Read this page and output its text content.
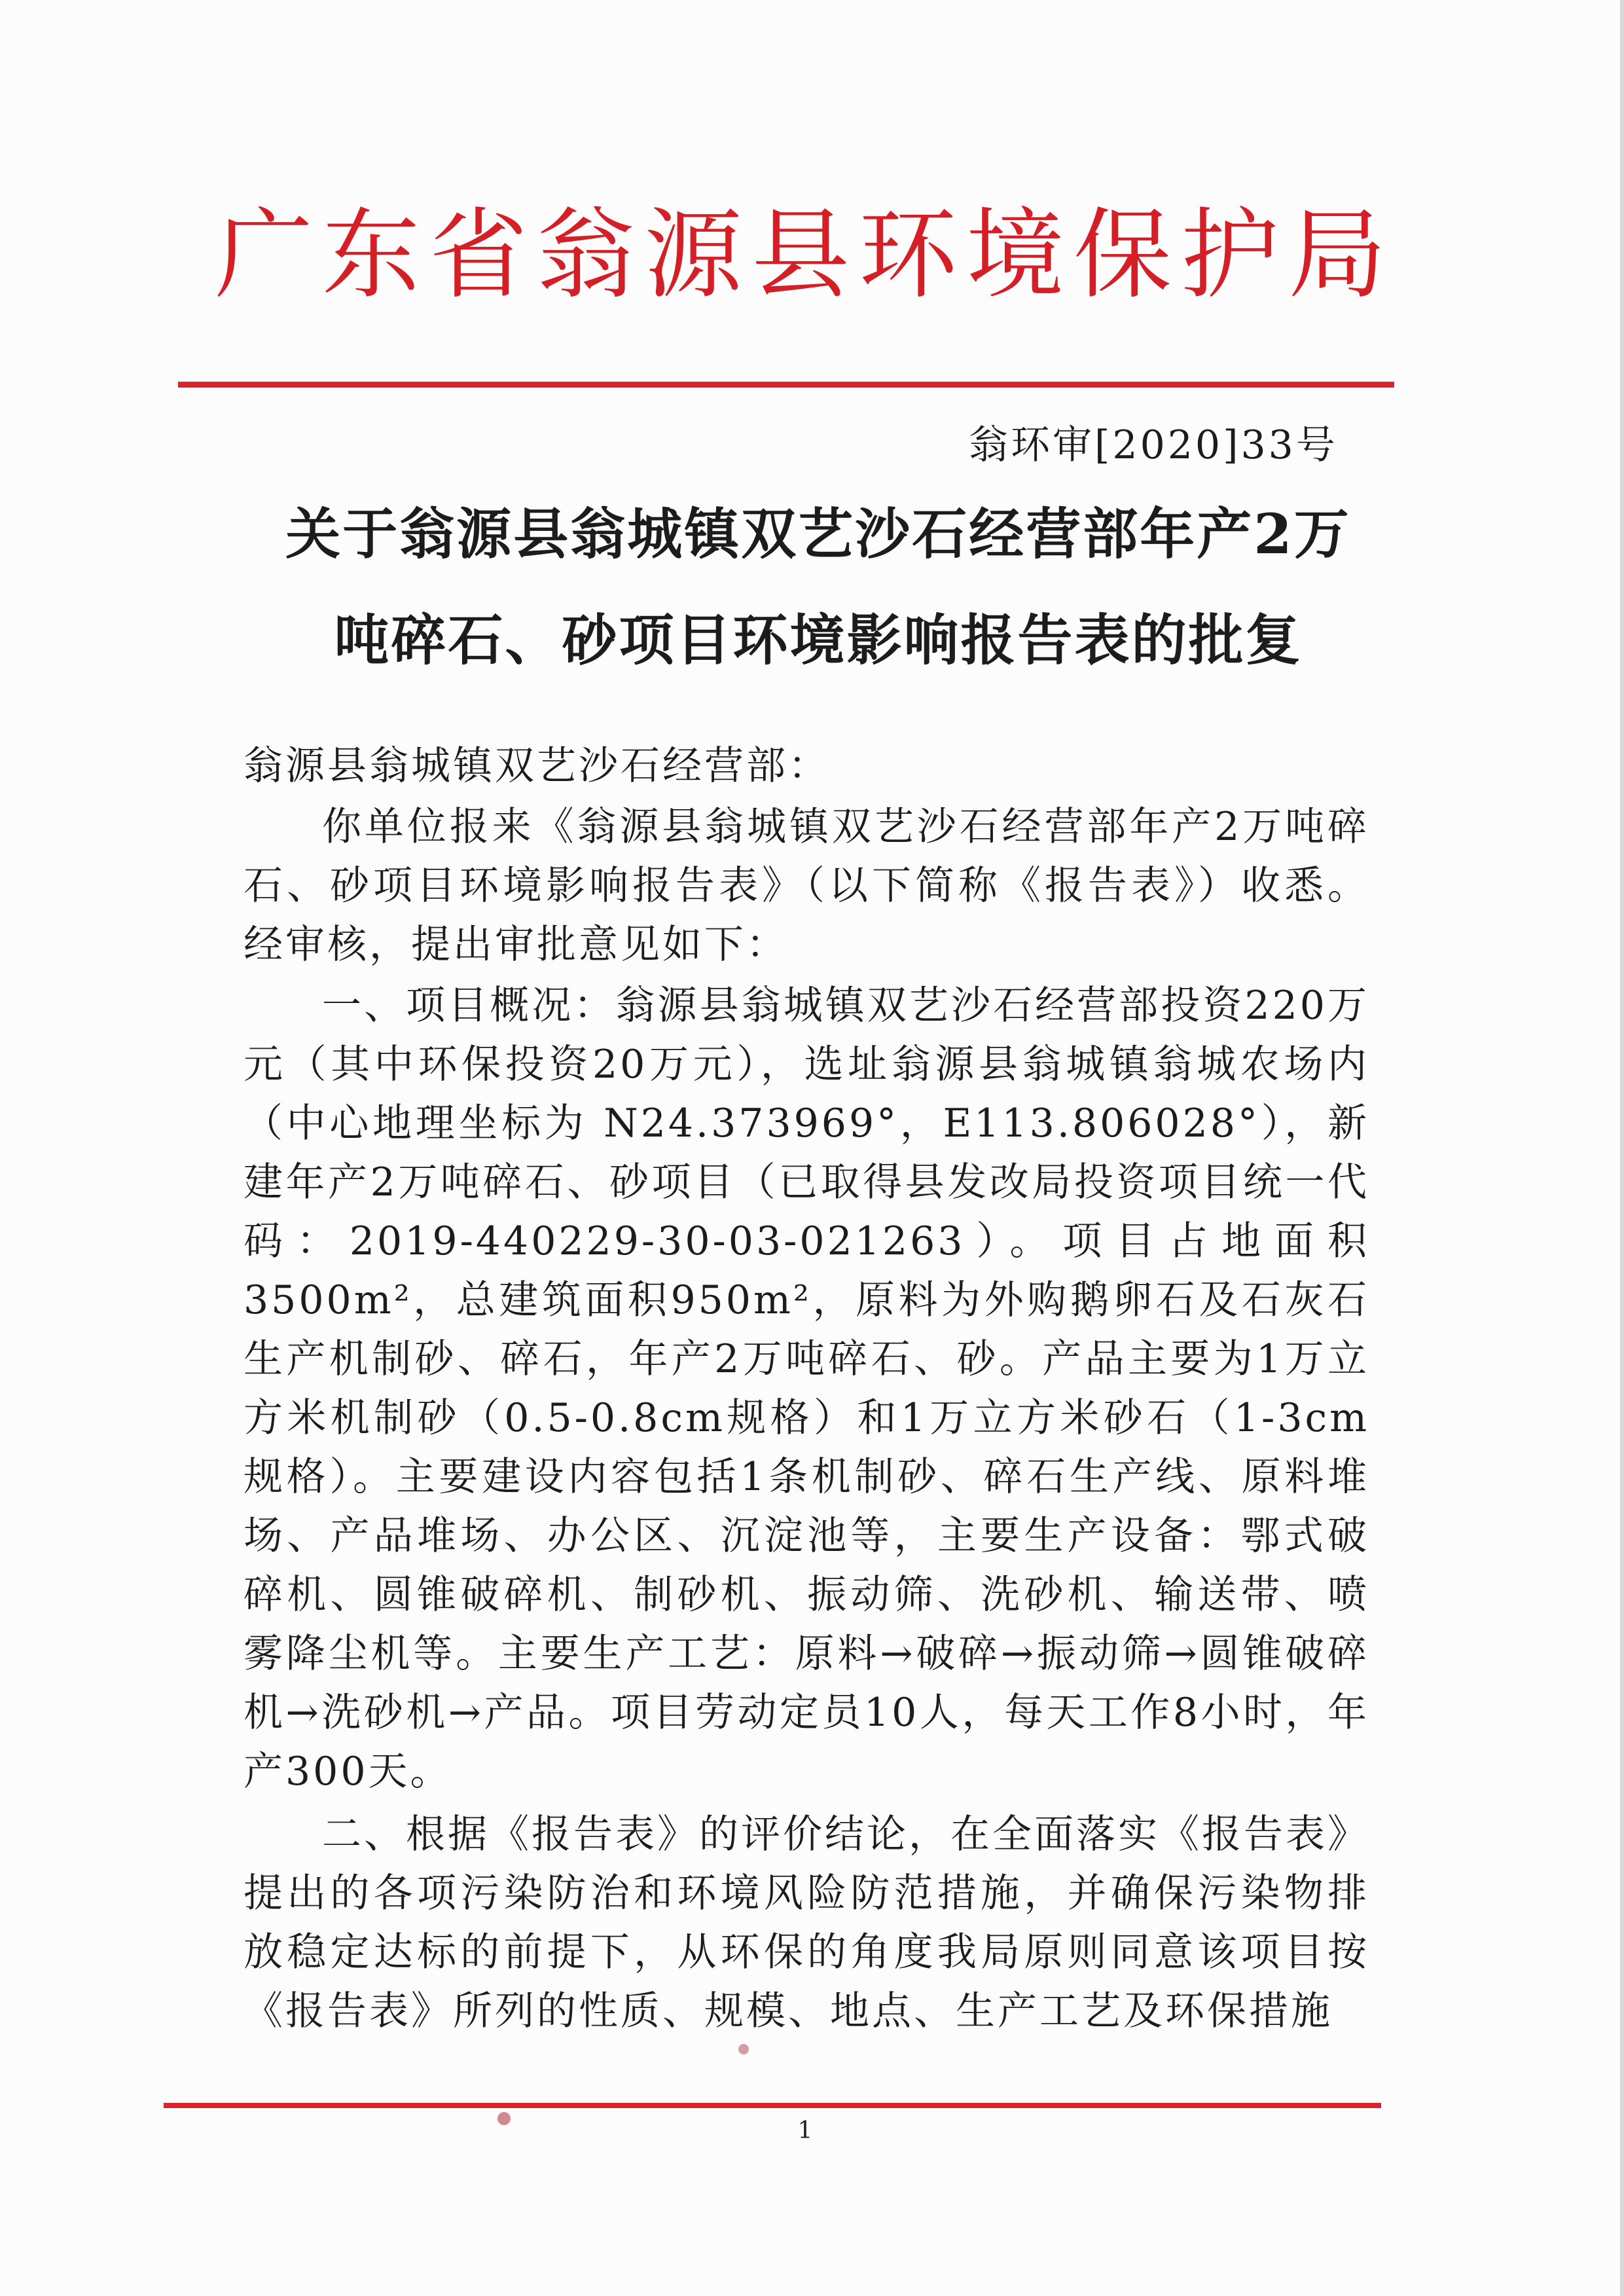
广东省翁源县环境保护局
翁环审[2020]33号
关于翁源县翁城镇双艺沙石经营部年产2万
吨碎石、砂项目环境影响报告表的批复
翁源县翁城镇双艺沙石经营部：
你单位报来《翁源县翁城镇双艺沙石经营部年产2万吨碎石、砂项目环境影响报告表》（以下简称《报告表》）收悉。经审核，提出审批意见如下：
一、项目概况：翁源县翁城镇双艺沙石经营部投资220万元（其中环保投资20万元），选址翁源县翁城镇翁城农场内（中心地理坐标为 N24.373969°，E113.806028°），新建年产2万吨碎石、砂项目（已取得县发改局投资项目统一代码：2019-440229-30-03-021263）。项目占地面积3500m²，总建筑面积950m²，原料为外购鹅卵石及石灰石生产机制砂、碎石，年产2万吨碎石、砂。产品主要为1万立方米机制砂（0.5-0.8cm规格）和1万立方米砂石（1-3cm规格）。主要建设内容包括1条机制砂、碎石生产线、原料堆场、产品堆场、办公区、沉淀池等，主要生产设备：鄂式破碎机、圆锥破碎机、制砂机、振动筛、洗砂机、输送带、喷雾降尘机等。主要生产工艺：原料→破碎→振动筛→圆锥破碎机→洗砂机→产品。项目劳动定员10人，每天工作8小时，年产300天。
二、根据《报告表》的评价结论，在全面落实《报告表》提出的各项污染防治和环境风险防范措施，并确保污染物排放稳定达标的前提下，从环保的角度我局原则同意该项目按《报告表》所列的性质、规模、地点、生产工艺及环保措施
1
